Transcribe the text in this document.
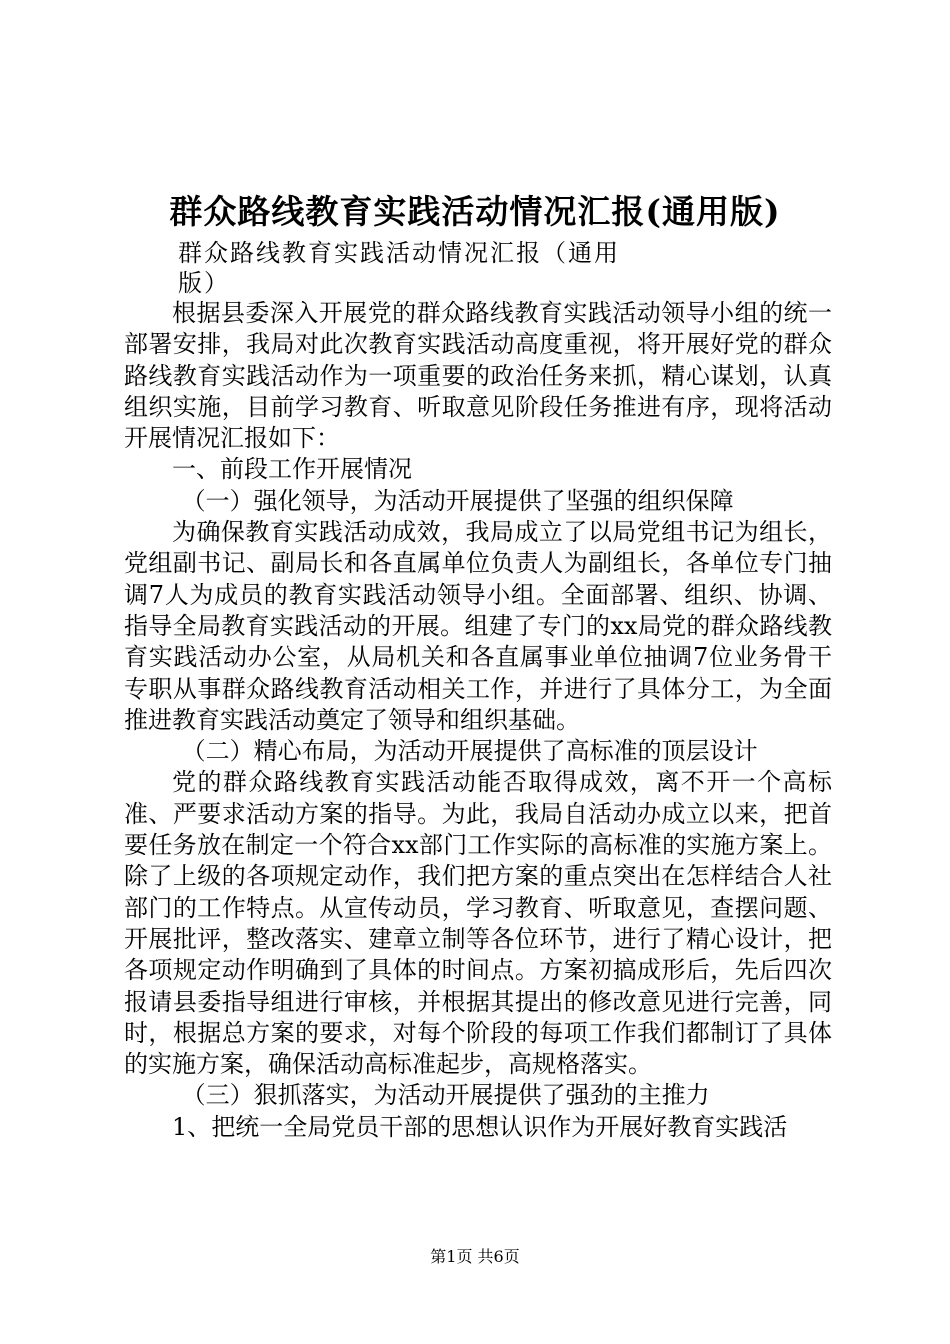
群众路线教育实践活动情况汇报(通用版)
群众路线教育实践活动情况汇报（通用版）

根据县委深入开展党的群众路线教育实践活动领导小组的统一部署安排，我局对此次教育实践活动高度重视，将开展好党的群众路线教育实践活动作为一项重要的政治任务来抓，精心谋划，认真组织实施，目前学习教育、听取意见阶段任务推进有序，现将活动开展情况汇报如下：

一、前段工作开展情况

（一）强化领导，为活动开展提供了坚强的组织保障

为确保教育实践活动成效，我局成立了以局党组书记为组长，党组副书记、副局长和各直属单位负责人为副组长，各单位专门抽调7人为成员的教育实践活动领导小组。全面部署、组织、协调、指导全局教育实践活动的开展。组建了专门的xx局党的群众路线教育实践活动办公室，从局机关和各直属事业单位抽调7位业务骨干专职从事群众路线教育活动相关工作，并进行了具体分工，为全面推进教育实践活动奠定了领导和组织基础。

（二）精心布局，为活动开展提供了高标准的顶层设计

党的群众路线教育实践活动能否取得成效，离不开一个高标准、严要求活动方案的指导。为此，我局自活动办成立以来，把首要任务放在制定一个符合xx部门工作实际的高标准的实施方案上。除了上级的各项规定动作，我们把方案的重点突出在怎样结合人社部门的工作特点。从宣传动员，学习教育、听取意见，查摆问题、开展批评，整改落实、建章立制等各位环节，进行了精心设计，把各项规定动作明确到了具体的时间点。方案初搞成形后，先后四次报请县委指导组进行审核，并根据其提出的修改意见进行完善，同时，根据总方案的要求，对每个阶段的每项工作我们都制订了具体的实施方案，确保活动高标准起步，高规格落实。

（三）狠抓落实，为活动开展提供了强劲的主推力

1、把统一全局党员干部的思想认识作为开展好教育实践活

第1页 共6页
